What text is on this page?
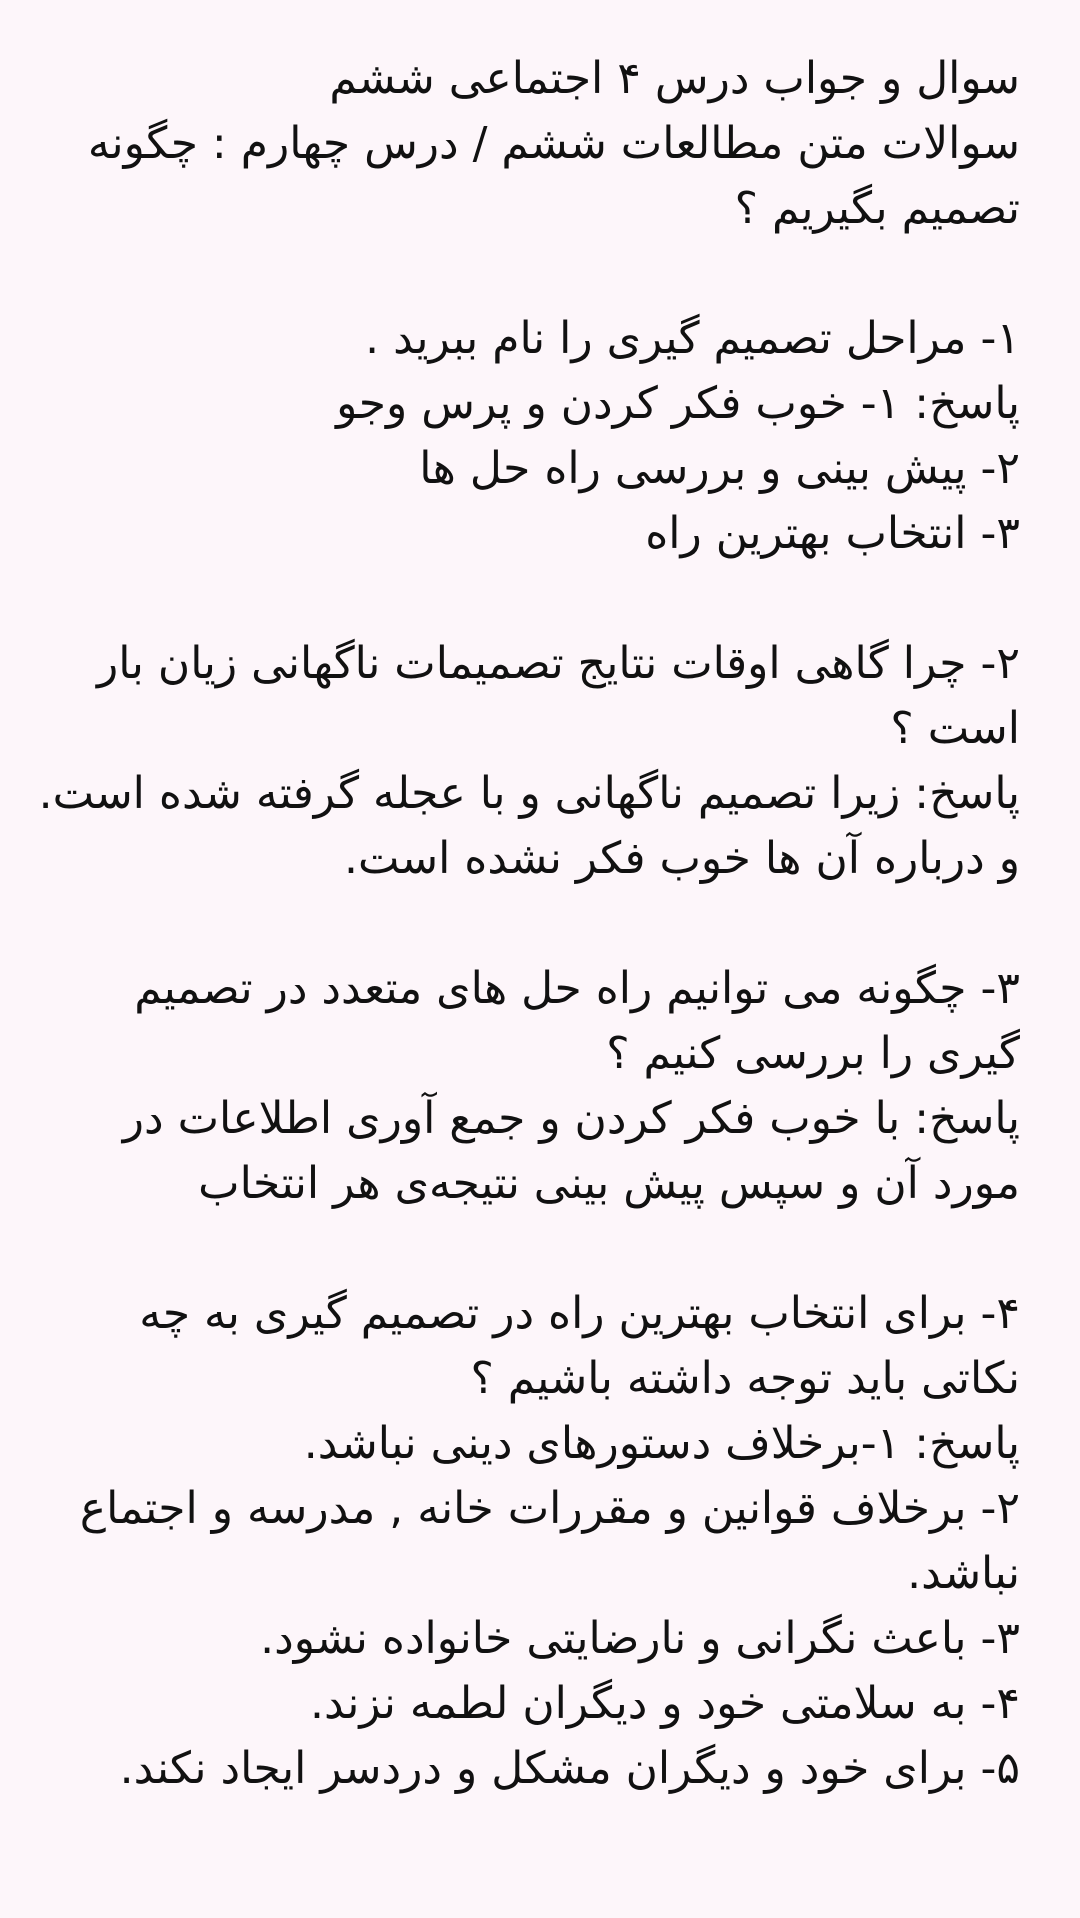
سوال و جواب درس ۴ اجتماعی ششم
سوالات متن مطالعات ششم / درس چهارم : چگونه
تصمیم بگیریم ؟
۱- مراحل تصمیم گیری را نام ببرید .
پاسخ: ۱- خوب فکر کردن و پرس وجو
۲- پیش بینی و بررسی راه حل ها
۳- انتخاب بهترین راه
۲- چرا گاهی اوقات نتایج تصمیمات ناگهانی زیان بار
است ؟
پاسخ: زیرا تصمیم ناگهانی و با عجله گرفته شده است.
و درباره آن ها خوب فکر نشده است.
۳- چگونه می توانیم راه حل های متعدد در تصمیم
گیری را بررسی کنیم ؟
پاسخ: با خوب فکر کردن و جمع آوری اطلاعات در
مورد آن و سپس پیش بینی نتیجه‌ی هر انتخاب
۴- برای انتخاب بهترین راه در تصمیم گیری به چه
نکاتی باید توجه داشته باشیم ؟
پاسخ: ۱-برخلاف دستورهای دینی نباشد.
۲- برخلاف قوانین و مقررات خانه , مدرسه و اجتماع
نباشد.
۳- باعث نگرانی و نارضایتی خانواده نشود.
۴- به سلامتی خود و دیگران لطمه نزند.
۵- برای خود و دیگران مشکل و دردسر ایجاد نکند.
